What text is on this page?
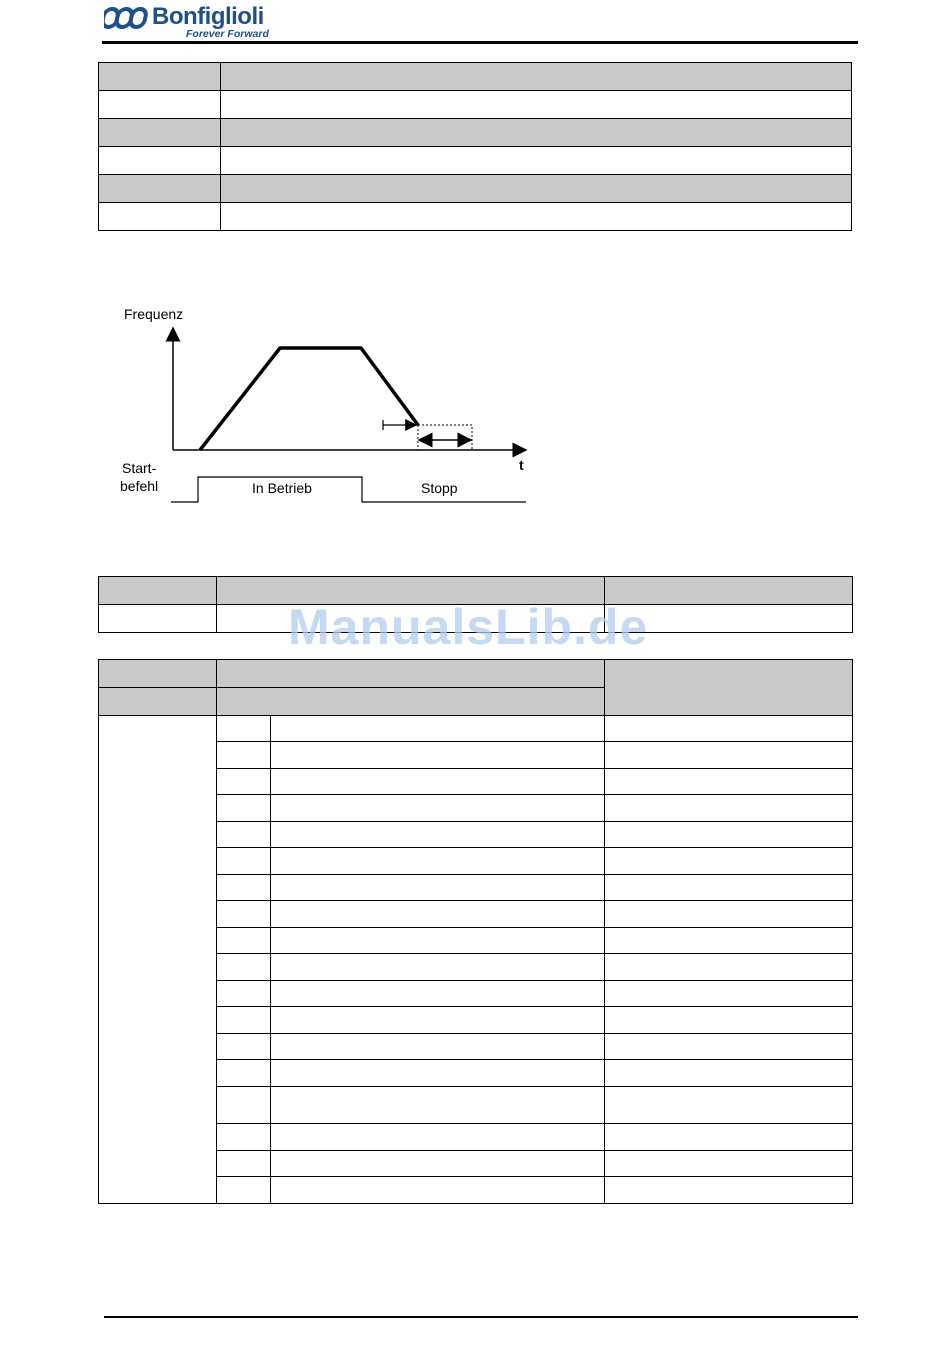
Bonfiglioli
Forever Forward

Frequenz
t
Start-
befehl	In Betrieb	Stopp

ManualsLib.de
